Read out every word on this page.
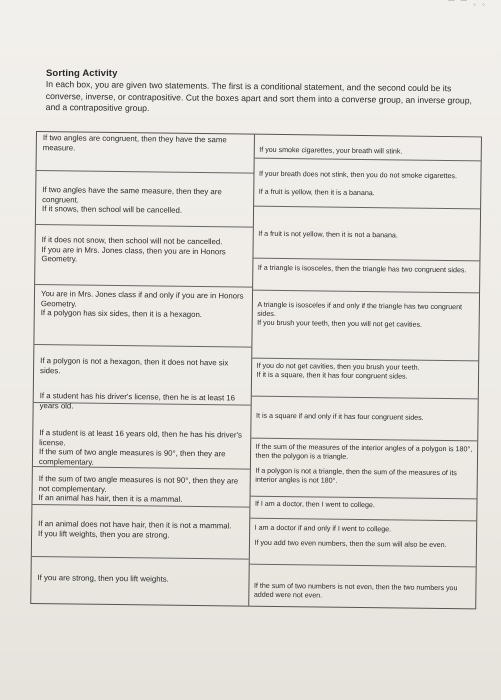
▔ ▔ ◦ ◦
Sorting Activity
In each box, you are given two statements. The first is a conditional statement, and the second could be its converse, inverse, or contrapositive. Cut the boxes apart and sort them into a converse group, an inverse group, and a contrapositive group.
If two angles are congruent, then they have the same measure.
If two angles have the same measure, then they are congruent.
If it snows, then school will be cancelled.
If it does not snow, then school will not be cancelled.
If you are in Mrs. Jones class, then you are in Honors Geometry.
You are in Mrs. Jones class if and only if you are in Honors Geometry.
If a polygon has six sides, then it is a hexagon.
If a polygon is not a hexagon, then it does not have six sides.
If a student has his driver's license, then he is at least 16 years old.
If a student is at least 16 years old, then he has his driver's license.
If the sum of two angle measures is 90°, then they are complementary.
If the sum of two angle measures is not 90°, then they are not complementary.
If an animal has hair, then it is a mammal.
If an animal does not have hair, then it is not a mammal.
If you lift weights, then you are strong.
If you are strong, then you lift weights.
If you smoke cigarettes, your breath will stink.
If your breath does not stink, then you do not smoke cigarettes.
If a fruit is yellow, then it is a banana.
If a fruit is not yellow, then it is not a banana.
If a triangle is isosceles, then the triangle has two congruent sides.
A triangle is isosceles if and only if the triangle has two congruent sides.
If you brush your teeth, then you will not get cavities.
If you do not get cavities, then you brush your teeth.
If it is a square, then it has four congruent sides.
It is a square if and only if it has four congruent sides.
If the sum of the measures of the interior angles of a polygon is 180°, then the polygon is a triangle.
If a polygon is not a triangle, then the sum of the measures of its interior angles is not 180°.
If I am a doctor, then I went to college.
I am a doctor if and only if I went to college.
If you add two even numbers, then the sum will also be even.
If the sum of two numbers is not even, then the two numbers you added were not even.
